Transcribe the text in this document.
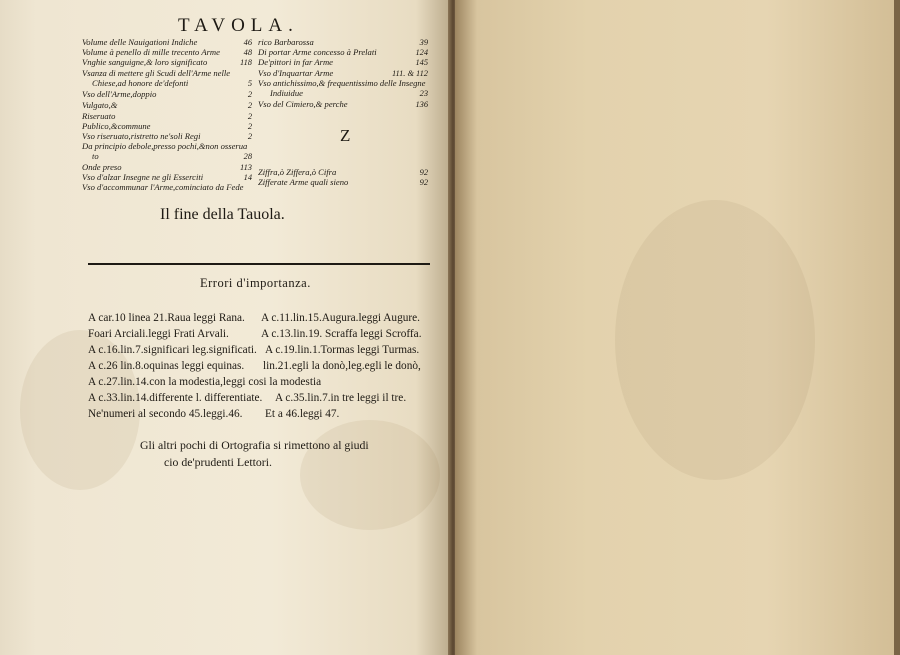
TAVOLA.
Volume delle Nauigationi Indiche	46
Volume à penello di mille trecento Arme	48
Vnghie sanguigne,& loro significato	118
Vsanza di mettere gli Scudi dell'Arme nelle
Chiese,ad honore de'defonti	5
Vso dell'Arme,doppio	2
Vulgato,&	2
Riseruato	2
Publico,&commune	2
Vso riseruato,ristretto ne'soli Regi	2
Da principio debole,presso pochi,&non osserua
to	28
Onde preso	113
Vso d'alzar Insegne ne gli Esserciti	14
Vso d'accommunar l'Arme,cominciato da Fede
rico Barbarossa	39
Di portar Arme concesso à Prelati	124
De'pittori in far Arme	145
Vso d'Inquartar Arme	111. & 112
Vso antichissimo,& frequentissimo delle Insegne
Indiuidue	23
Vso del Cimiero,& perche	136
Z
Ziffra,ò Ziffera,ò Cifra	92
Zifferate Arme quali sieno	92
Il fine della Tauola.
Errori d'importanza.
A car.10 linea 21.Raua leggi Rana. A c.11.lin.15.Augura.leggi Augure.
Foari Arciali.leggi Frati Arvali.	A c.13.lin.19. Scraffa leggi Scroffa.
A c.16.lin.7.significari leg.significati. A c.19.lin.1.Tormas leggi Turmas.
A c.26 lin.8.oquinas leggi equinas. lin.21.egli la donò,leg.egli le donò,
A c.27.lin.14.con la modestia,leggi cosi la modestia
A c.33.lin.14.differente l. differentiate. A c.35.lin.7.in tre leggi il tre.
Ne'numeri al secondo 45.leggi.46. Et a 46.leggi 47.
Gli altri pochi di Ortografia si rimettono al giudi
cio de'prudenti Lettori.
